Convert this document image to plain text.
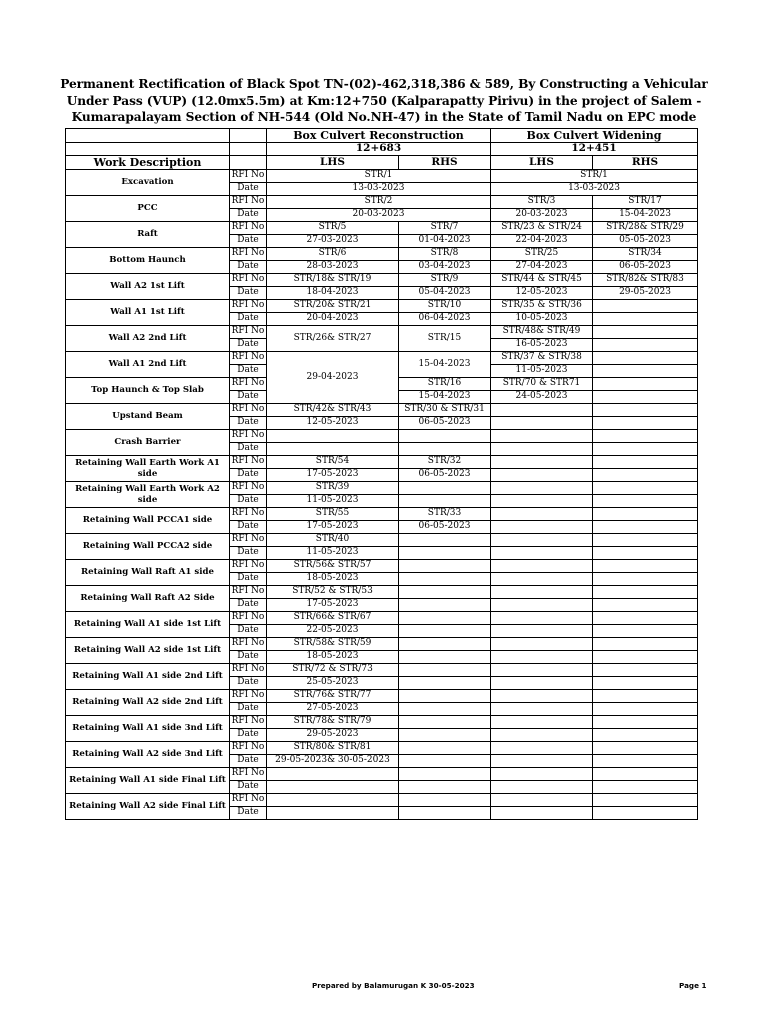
Permanent Rectification of Black Spot TN-(02)-462,318,386 & 589, By Constructing a Vehicular Under Pass (VUP) (12.0mx5.5m) at Km:12+750 (Kalparapatty Pirivu) in the project of Salem - Kumarapalayam Section of NH-544 (Old No.NH-47) in the State of Tamil Nadu on EPC mode
		Box Culvert Reconstruction		Box Culvert Widening	
		12+683		12+451	
Work Description		LHS	RHS	LHS	RHS
Excavation	RFI No	STR/1		STR/1	
	Date	13-03-2023		13-03-2023	
PCC	RFI No	STR/2		STR/3	STR/17
	Date	20-03-2023		20-03-2023	15-04-2023
Raft	RFI No	STR/5	STR/7	STR/23 & STR/24	STR/28& STR/29
	Date	27-03-2023	01-04-2023	22-04-2023	05-05-2023
Bottom Haunch	RFI No	STR/6	STR/8	STR/25	STR/34
	Date	28-03-2023	03-04-2023	27-04-2023	06-05-2023
Wall A2 1st Lift	RFI No	STR/18& STR/19	STR/9	STR/44 & STR/45	STR/82& STR/83
	Date	18-04-2023	05-04-2023	12-05-2023	29-05-2023
Wall A1 1st Lift	RFI No	STR/20& STR/21	STR/10	STR/35 & STR/36	
	Date	20-04-2023	06-04-2023	10-05-2023	
Wall A2 2nd Lift	RFI No	STR/26& STR/27	STR/15	STR/48& STR/49	
	Date			16-05-2023	
Wall A1 2nd Lift	RFI No	29-04-2023	15-04-2023	STR/37 & STR/38	
	Date			11-05-2023	
Top Haunch & Top Slab	RFI No		STR/16	STR/70 & STR71	
	Date		15-04-2023	24-05-2023	
Upstand Beam	RFI No	STR/42& STR/43	STR/30 & STR/31		
	Date	12-05-2023	06-05-2023		
Crash Barrier	RFI No				
	Date				
Retaining Wall Earth Work A1 side	RFI No	STR/54	STR/32		
	Date	17-05-2023	06-05-2023		
Retaining Wall Earth Work A2 side	RFI No	STR/39			
	Date	11-05-2023			
Retaining Wall PCCA1 side	RFI No	STR/55	STR/33		
	Date	17-05-2023	06-05-2023		
Retaining Wall PCCA2 side	RFI No	STR/40			
	Date	11-05-2023			
Retaining Wall Raft A1 side	RFI No	STR/56& STR/57			
	Date	18-05-2023			
Retaining Wall Raft A2 Side	RFI No	STR/52 & STR/53			
	Date	17-05-2023			
Retaining Wall A1 side 1st Lift	RFI No	STR/66& STR/67			
	Date	22-05-2023			
Retaining Wall A2 side 1st Lift	RFI No	STR/58& STR/59			
	Date	18-05-2023			
Retaining Wall A1 side 2nd Lift	RFI No	STR/72 & STR/73			
	Date	25-05-2023			
Retaining Wall A2 side 2nd Lift	RFI No	STR/76& STR/77			
	Date	27-05-2023			
Retaining Wall A1 side 3nd Lift	RFI No	STR/78& STR/79			
	Date	29-05-2023			
Retaining Wall A2 side 3nd Lift	RFI No	STR/80& STR/81			
	Date	29-05-2023& 30-05-2023			
Retaining Wall A1 side Final Lift	RFI No				
	Date				
Retaining Wall A2 side Final Lift	RFI No				
	Date				
Prepared by Balamurugan K 30-05-2023	Page 1
